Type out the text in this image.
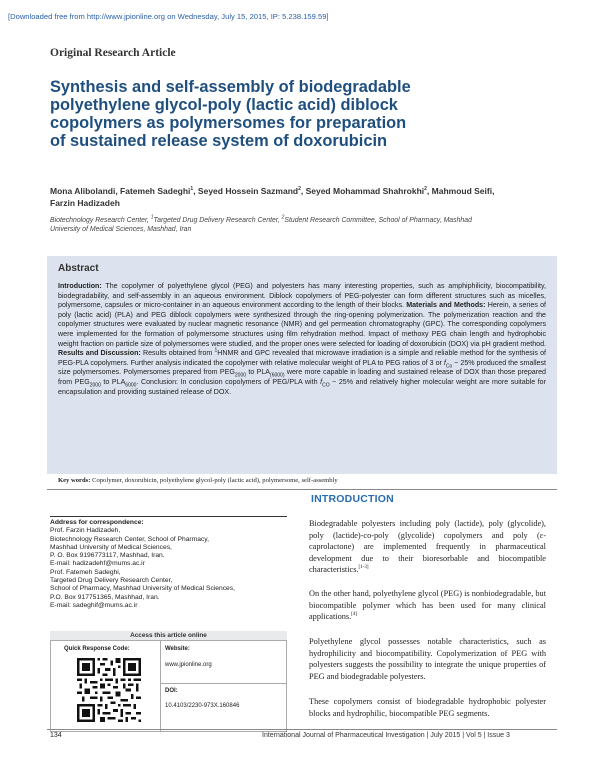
[Downloaded free from http://www.jpionline.org on Wednesday, July 15, 2015, IP: 5.238.159.59]
Original Research Article
Synthesis and self-assembly of biodegradable
polyethylene glycol-poly (lactic acid) diblock
copolymers as polymersomes for preparation
of sustained release system of doxorubicin
Mona Alibolandi, Fatemeh Sadeghi$^1$, Seyed Hossein Sazmand$^2$, Seyed Mohammad Shahrokhi$^2$, Mahmoud Seifi,
Farzin Hadizadeh
Biotechnology Research Center, $^1$Targeted Drug Delivery Research Center, $^2$Student Research Committee, School of Pharmacy, Mashhad
University of Medical Sciences, Mashhad, Iran
Abstract
Introduction: The copolymer of polyethylene glycol (PEG) and polyesters has many interesting properties, such as amphiphilicity, biocompatibility, biodegradability, and self-assembly in an aqueous environment. Diblock copolymers of PEG-polyester can form different structures such as micelles, polymersome, capsules or micro-container in an aqueous environment according to the length of their blocks. Materials and Methods: Herein, a series of poly (lactic acid) (PLA) and PEG diblock copolymers were synthesized through the ring-opening polymerization. The polymerization reaction and the copolymer structures were evaluated by nuclear magnetic resonance (NMR) and gel permeation chromatography (GPC). The corresponding copolymers were implemented for the formation of polymersome structures using film rehydration method. Impact of methoxy PEG chain length and hydrophobic weight fraction on particle size of polymersomes were studied, and the proper ones were selected for loading of doxorubicin (DOX) via pH gradient method. Results and Discussion: Results obtained from $^1$HNMR and GPC revealed that microwave irradiation is a simple and reliable method for the synthesis of PEG-PLA copolymers. Further analysis indicated the copolymer with relative molecular weight of PLA to PEG ratios of 3 or $f_{Co}$ ~ 25% produced the smallest size polymersomes. Polymersomes prepared from $PEG_{2000}$ to $PLA_{(6000)}$ were more capable in loading and sustained release of DOX than those prepared from $PEG_{2000}$ to $PLA_{6000}$. Conclusion: In conclusion copolymers of PEG/PLA with $f_{CO}$ ~ 25% and relatively higher molecular weight are more suitable for encapsulation and providing sustained release of DOX.
Key words: Copolymer, doxorubicin, polyethylene glycol-poly (lactic acid), polymersome, self-assembly
INTRODUCTION
Biodegradable polyesters including poly (lactide), poly (glycolide), poly (lactide)-co-poly (glycolide) copolymers and poly (ε-caprolactone) are implemented frequently in pharmaceutical development due to their bioresorbable and biocompatible characteristics.[1-3]
On the other hand, polyethylene glycol (PEG) is nonbiodegradable, but biocompatible polymer which has been used for many clinical applications.[4]
Polyethylene glycol possesses notable characteristics, such as hydrophilicity and biocompatibility. Copolymerization of PEG with polyesters suggests the possibility to integrate the unique properties of PEG and biodegradable polyesters.
These copolymers consist of biodegradable hydrophobic polyester blocks and hydrophilic, biocompatible PEG segments.
Address for correspondence:
Prof. Farzin Hadizadeh,
Biotechnology Research Center, School of Pharmacy,
Mashhad University of Medical Sciences,
P. O. Box 9196773117, Mashhad, Iran.
E-mail: hadizadehf@mums.ac.ir
Prof. Fatemeh Sadeghi,
Targeted Drug Delivery Research Center,
School of Pharmacy, Mashhad University of Medical Sciences,
P.O. Box 917751365, Mashhad, Iran.
E-mail: sadeghif@mums.ac.ir
Access this article online
Quick Response Code:	Website:
www.jpionline.org
DOI:
10.4103/2230-973X.160846
134	International Journal of Pharmaceutical Investigation | July 2015 | Vol 5 | Issue 3
